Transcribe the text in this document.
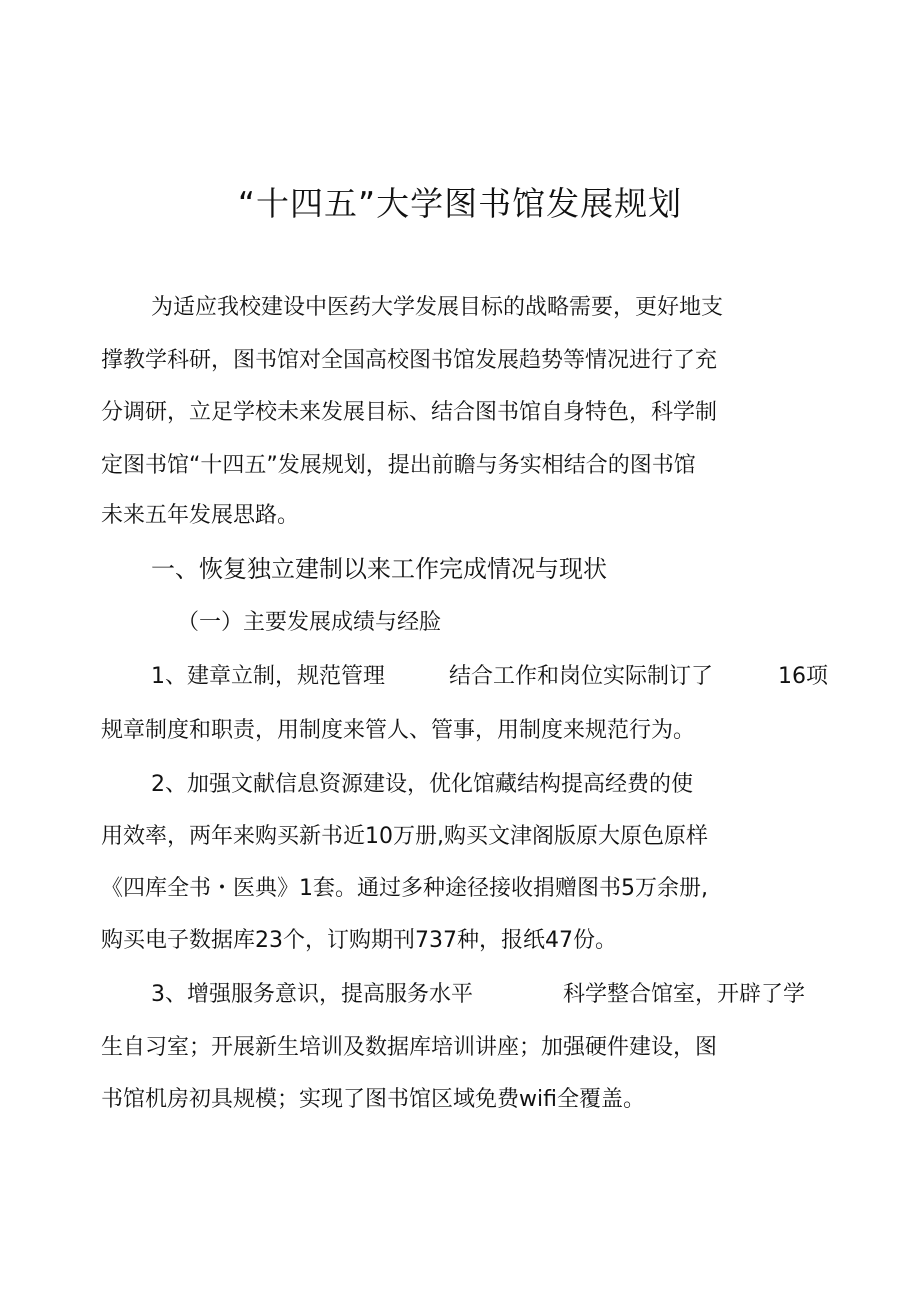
“十四五”大学图书馆发展规划
为适应我校建设中医药大学发展目标的战略需要，更好地支
撑教学科研，图书馆对全国高校图书馆发展趋势等情况进行了充
分调研，立足学校未来发展目标、结合图书馆自身特色，科学制
定图书馆“十四五”发展规划，提出前瞻与务实相结合的图书馆
未来五年发展思路。
一、恢复独立建制以来工作完成情况与现状
（一）主要发展成绩与经脸
1、建章立制，规范管理	结合工作和岗位实际制订了	16项
规章制度和职责，用制度来管人、管事，用制度来规范行为。
2、加强文献信息资源建设，优化馆藏结构提高经费的使
用效率，两年来购买新书近10万册,购买文津阁版原大原色原样
《四库全书・医典》1套。通过多种途径接收捐赠图书5万余册,
购买电子数据库23个，订购期刊737种，报纸47份。
3、增强服务意识，提高服务水平	科学整合馆室，开辟了学
生自习室；开展新生培训及数据库培训讲座；加强硬件建设，图
书馆机房初具规模；实现了图书馆区域免费wifi全覆盖。
